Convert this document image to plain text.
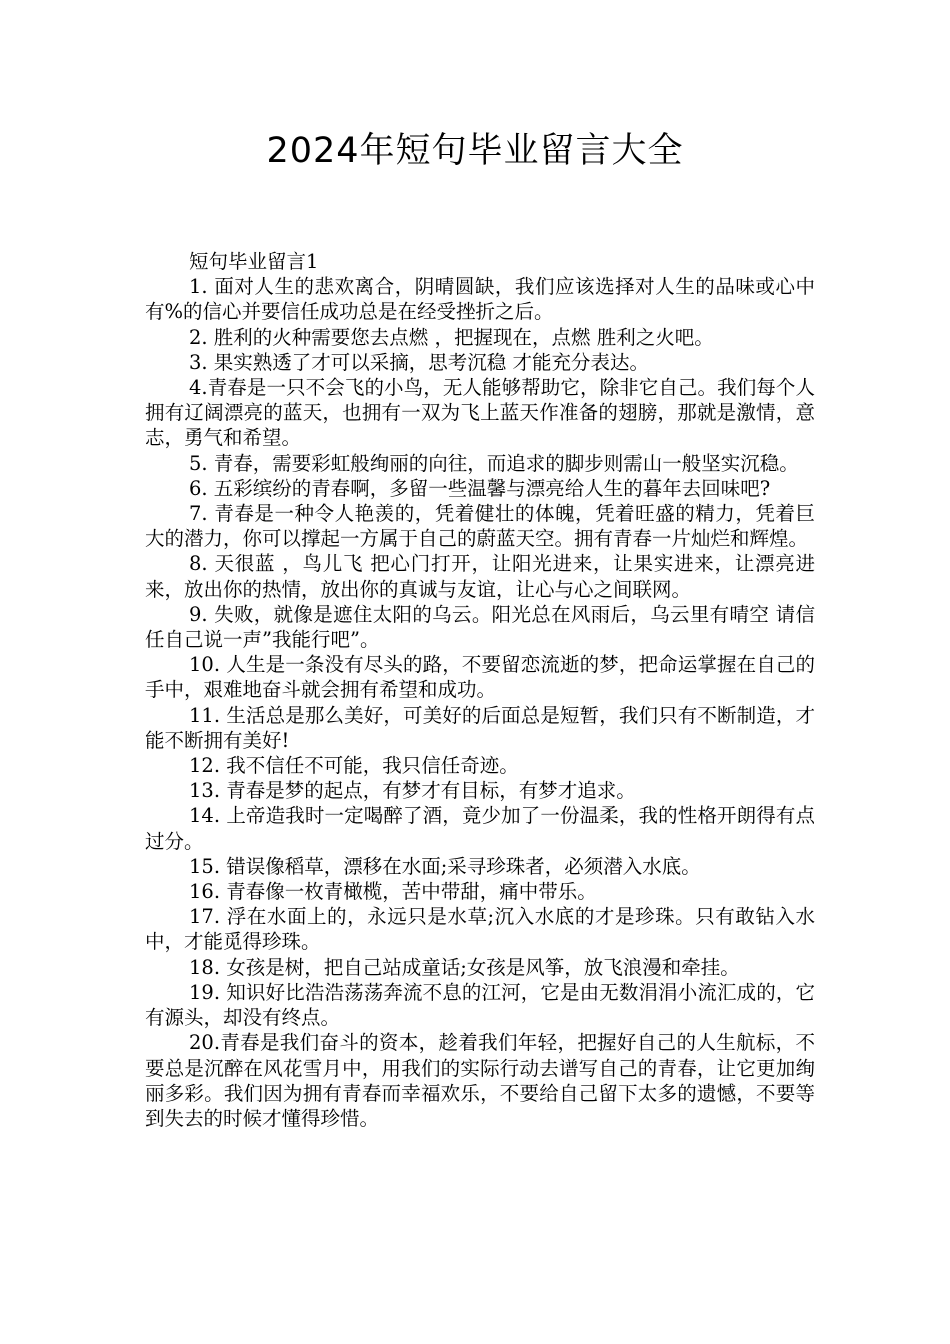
2024年短句毕业留言大全

短句毕业留言1

1. 面对人生的悲欢离合，阴晴圆缺，我们应该选择对人生的品味或心中有%的信心并要信任成功总是在经受挫折之后。

2. 胜利的火种需要您去点燃 ，把握现在，点燃 胜利之火吧。

3. 果实熟透了才可以采摘，思考沉稳 才能充分表达。

4.青春是一只不会飞的小鸟，无人能够帮助它，除非它自己。我们每个人拥有辽阔漂亮的蓝天，也拥有一双为飞上蓝天作准备的翅膀，那就是激情，意志，勇气和希望。

5. 青春，需要彩虹般绚丽的向往，而追求的脚步则需山一般坚实沉稳。

6. 五彩缤纷的青春啊，多留一些温馨与漂亮给人生的暮年去回味吧?

7. 青春是一种令人艳羡的，凭着健壮的体魄，凭着旺盛的精力，凭着巨大的潜力，你可以撑起一方属于自己的蔚蓝天空。拥有青春一片灿烂和辉煌。

8. 天很蓝 ，鸟儿飞 把心门打开，让阳光进来，让果实进来，让漂亮进来，放出你的热情，放出你的真诚与友谊，让心与心之间联网。

9. 失败，就像是遮住太阳的乌云。阳光总在风雨后，乌云里有晴空 请信任自己说一声”我能行吧”。

10. 人生是一条没有尽头的路，不要留恋流逝的梦，把命运掌握在自己的手中，艰难地奋斗就会拥有希望和成功。

11. 生活总是那么美好，可美好的后面总是短暂，我们只有不断制造，才能不断拥有美好!

12. 我不信任不可能，我只信任奇迹。

13. 青春是梦的起点，有梦才有目标，有梦才追求。

14. 上帝造我时一定喝醉了酒，竟少加了一份温柔，我的性格开朗得有点过分。

15. 错误像稻草，漂移在水面;采寻珍珠者，必须潜入水底。

16. 青春像一枚青橄榄，苦中带甜，痛中带乐。

17. 浮在水面上的，永远只是水草;沉入水底的才是珍珠。只有敢钻入水中，才能觅得珍珠。

18. 女孩是树，把自己站成童话;女孩是风筝，放飞浪漫和牵挂。

19. 知识好比浩浩荡荡奔流不息的江河，它是由无数涓涓小流汇成的，它有源头，却没有终点。

20.青春是我们奋斗的资本，趁着我们年轻，把握好自己的人生航标，不要总是沉醉在风花雪月中，用我们的实际行动去谱写自己的青春，让它更加绚丽多彩。我们因为拥有青春而幸福欢乐，不要给自己留下太多的遗憾，不要等到失去的时候才懂得珍惜。
